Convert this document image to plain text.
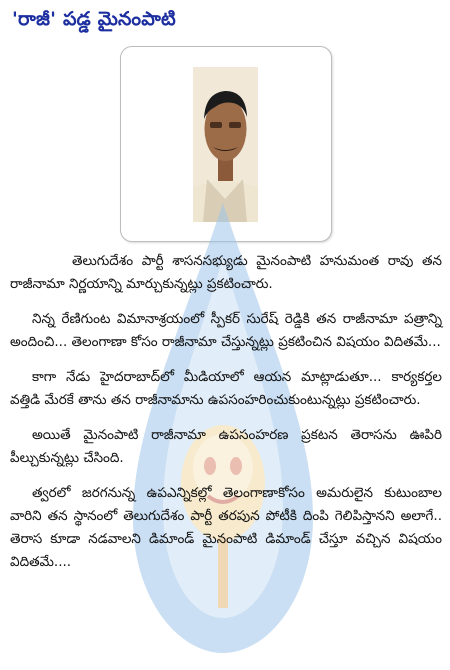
'రాజీ' పడ్డ మైనంపాటి

తెలుగుదేశం పార్టీ శాసనసభ్యుడు మైనంపాటి హనుమంత రావు తన రాజీనామా నిర్ణయాన్ని మార్చుకున్నట్లు ప్రకటించారు.

నిన్న రేణిగుంట విమానాశ్రయంలో స్పీకర్ సురేష్ రెడ్డికి తన రాజీనామా పత్రాన్ని అందించి... తెలంగాణా కోసం రాజీనామా చేస్తున్నట్లు ప్రకటించిన విషయం విదితమే...

కాగా నేడు హైదరాబాద్‌లో మీడియాలో ఆయన మాట్లాడుతూ... కార్యకర్తల వత్తిడి మేరకే తాను తన రాజీనామాను ఉపసంహరించుకుంటున్నట్లు ప్రకటించారు.

అయితే మైనంపాటి రాజీనామా ఉపసంహరణ ప్రకటన తెరాసను ఊపిరి పీల్చుకున్నట్లు చేసింది.

త్వరలో జరగనున్న ఉపఎన్నికల్లో తెలంగాణాకోసం అమరులైన కుటుంబాల వారిని తన స్థానంలో తెలుగుదేశం పార్టీ తరపున పోటీకి దింపి గెలిపిస్తానని అలాగే.. తెరాస కూడా నడవాలని డిమాండ్ మైనంపాటి డిమాండ్ చేస్తూ వచ్చిన విషయం విదితమే....
